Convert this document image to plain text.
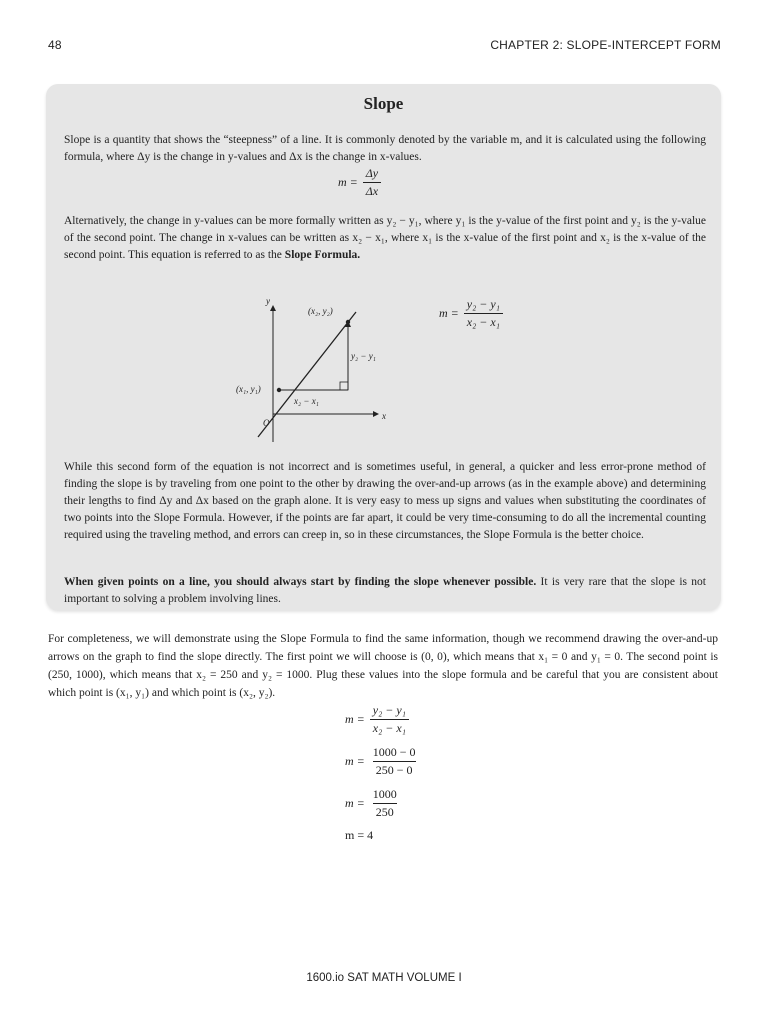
48	CHAPTER 2: SLOPE-INTERCEPT FORM
Slope
Slope is a quantity that shows the “steepness” of a line. It is commonly denoted by the variable m, and it is calculated using the following formula, where Δy is the change in y-values and Δx is the change in x-values.
$m = \frac{\Delta y}{\Delta x}$
Alternatively, the change in y-values can be more formally written as y₂ − y₁, where y₁ is the y-value of the first point and y₂ is the y-value of the second point. The change in x-values can be written as x₂ − x₁, where x₁ is the x-value of the first point and x₂ is the x-value of the second point. This equation is referred to as the Slope Formula.
y
x
O
(x₂, y₂)
(x₁, y₁)
y₂ − y₁
x₂ − x₁
$m = \frac{\text{y₂ − y₁}}{\text{x₂ − x₁}}$
While this second form of the equation is not incorrect and is sometimes useful, in general, a quicker and less error-prone method of finding the slope is by traveling from one point to the other by drawing the over-and-up arrows (as in the example above) and determining their lengths to find Δy and Δx based on the graph alone. It is very easy to mess up signs and values when substituting the coordinates of two points into the Slope Formula. However, if the points are far apart, it could be very time-consuming to do all the incremental counting required using the traveling method, and errors can creep in, so in these circumstances, the Slope Formula is the better choice.
When given points on a line, you should always start by finding the slope whenever possible. It is very rare that the slope is not important to solving a problem involving lines.
For completeness, we will demonstrate using the Slope Formula to find the same information, though we recommend drawing the over-and-up arrows on the graph to find the slope directly. The first point we will choose is (0, 0), which means that x₁ = 0 and y₁ = 0. The second point is (250, 1000), which means that x₂ = 250 and y₂ = 1000. Plug these values into the slope formula and be careful that you are consistent about which point is (x₁, y₁) and which point is (x₂, y₂).
$m = \frac{\text{y₂ − y₁}}{\text{x₂ − x₁}}$
$m = \frac{1000 - 0}{250 - 0}$
$m = \frac{1000}{250}$
m = 4
1600.io SAT MATH VOLUME I
